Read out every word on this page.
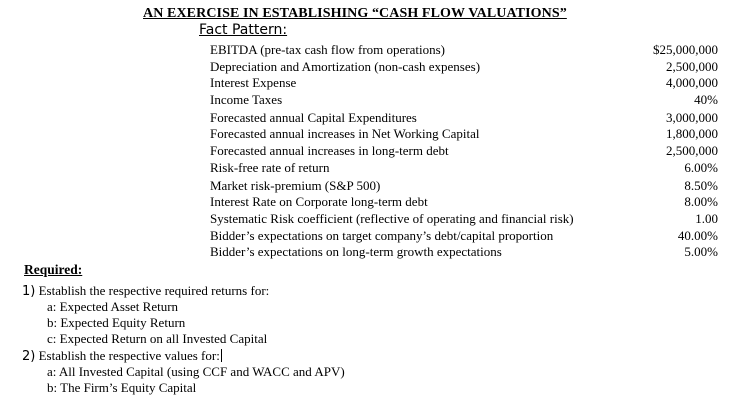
AN EXERCISE IN ESTABLISHING “CASH FLOW VALUATIONS”
Fact Pattern:
EBITDA (pre-tax cash flow from operations)	$25,000,000
Depreciation and Amortization (non-cash expenses)	2,500,000
Interest Expense	4,000,000
Income Taxes	40%
Forecasted annual Capital Expenditures	3,000,000
Forecasted annual increases in Net Working Capital	1,800,000
Forecasted annual increases in long-term debt	2,500,000
Risk-free rate of return	6.00%
Market risk-premium (S&P 500)	8.50%
Interest Rate on Corporate long-term debt	8.00%
Systematic Risk coefficient (reflective of operating and financial risk)	1.00
Bidder’s expectations on target company’s debt/capital proportion	40.00%
Bidder’s expectations on long-term growth expectations	5.00%
Required:
1) Establish the respective required returns for:
a: Expected Asset Return
b: Expected Equity Return
c: Expected Return on all Invested Capital
2) Establish the respective values for:
a: All Invested Capital (using CCF and WACC and APV)
b: The Firm’s Equity Capital
